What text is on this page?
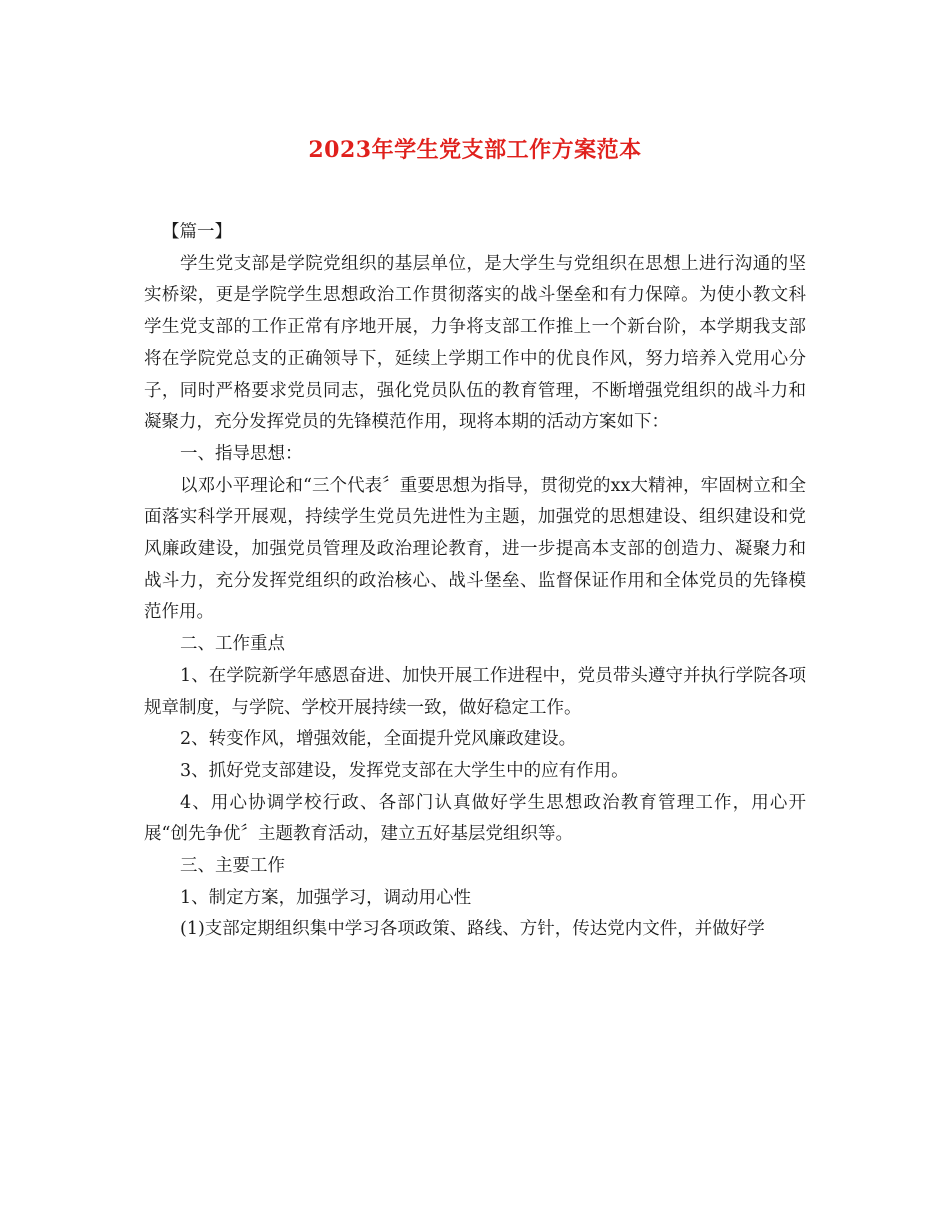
2023年学生党支部工作方案范本

【篇一】

学生党支部是学院党组织的基层单位，是大学生与党组织在思想上进行沟通的坚实桥梁，更是学院学生思想政治工作贯彻落实的战斗堡垒和有力保障。为使小教文科学生党支部的工作正常有序地开展，力争将支部工作推上一个新台阶，本学期我支部将在学院党总支的正确领导下，延续上学期工作中的优良作风，努力培养入党用心分子，同时严格要求党员同志，强化党员队伍的教育管理，不断增强党组织的战斗力和凝聚力，充分发挥党员的先锋模范作用，现将本期的活动方案如下：

一、指导思想：

以邓小平理论和“三个代表〞重要思想为指导，贯彻党的xx大精神，牢固树立和全面落实科学开展观，持续学生党员先进性为主题，加强党的思想建设、组织建设和党风廉政建设，加强党员管理及政治理论教育，进一步提高本支部的创造力、凝聚力和战斗力，充分发挥党组织的政治核心、战斗堡垒、监督保证作用和全体党员的先锋模范作用。

二、工作重点

1、在学院新学年感恩奋进、加快开展工作进程中，党员带头遵守并执行学院各项规章制度，与学院、学校开展持续一致，做好稳定工作。

2、转变作风，增强效能，全面提升党风廉政建设。

3、抓好党支部建设，发挥党支部在大学生中的应有作用。

4、用心协调学校行政、各部门认真做好学生思想政治教育管理工作，用心开展“创先争优〞主题教育活动，建立五好基层党组织等。

三、主要工作

1、制定方案，加强学习，调动用心性

(1)支部定期组织集中学习各项政策、路线、方针，传达党内文件，并做好学
